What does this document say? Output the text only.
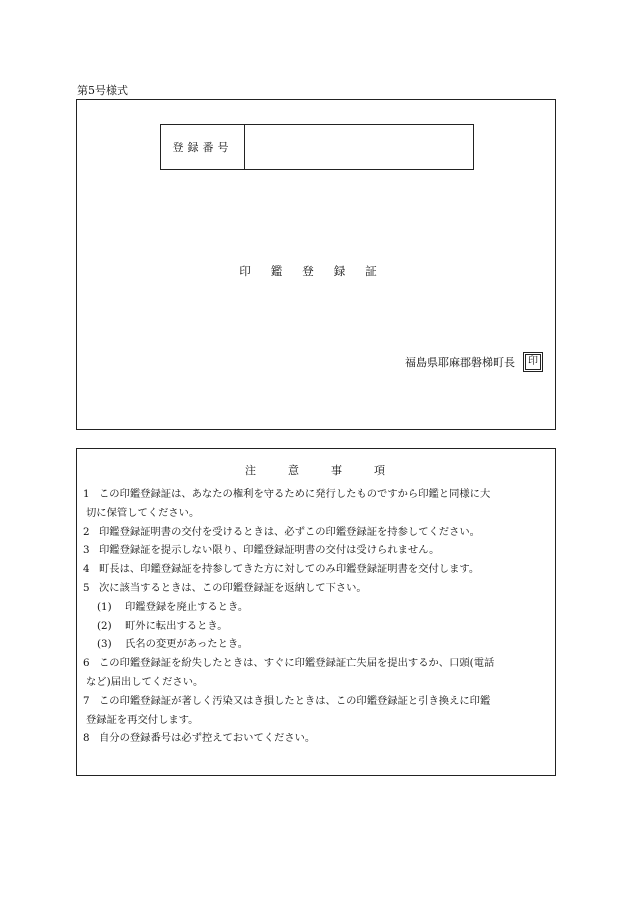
第5号様式
登録番号
印鑑登録証
福島県耶麻郡磐梯町長	印
注意事項

1 この印鑑登録証は、あなたの権利を守るために発行したものですから印鑑と同様に大

切に保管してください。

2 印鑑登録証明書の交付を受けるときは、必ずこの印鑑登録証を持参してください。

3 印鑑登録証を提示しない限り、印鑑登録証明書の交付は受けられません。

4 町長は、印鑑登録証を持参してきた方に対してのみ印鑑登録証明書を交付します。

5 次に該当するときは、この印鑑登録証を返納して下さい。

(1) 印鑑登録を廃止するとき。

(2) 町外に転出するとき。

(3) 氏名の変更があったとき。

6 この印鑑登録証を紛失したときは、すぐに印鑑登録証亡失届を提出するか、口頭(電話

など)届出してください。

7 この印鑑登録証が著しく汚染又はき損したときは、この印鑑登録証と引き換えに印鑑

登録証を再交付します。

8 自分の登録番号は必ず控えておいてください。
